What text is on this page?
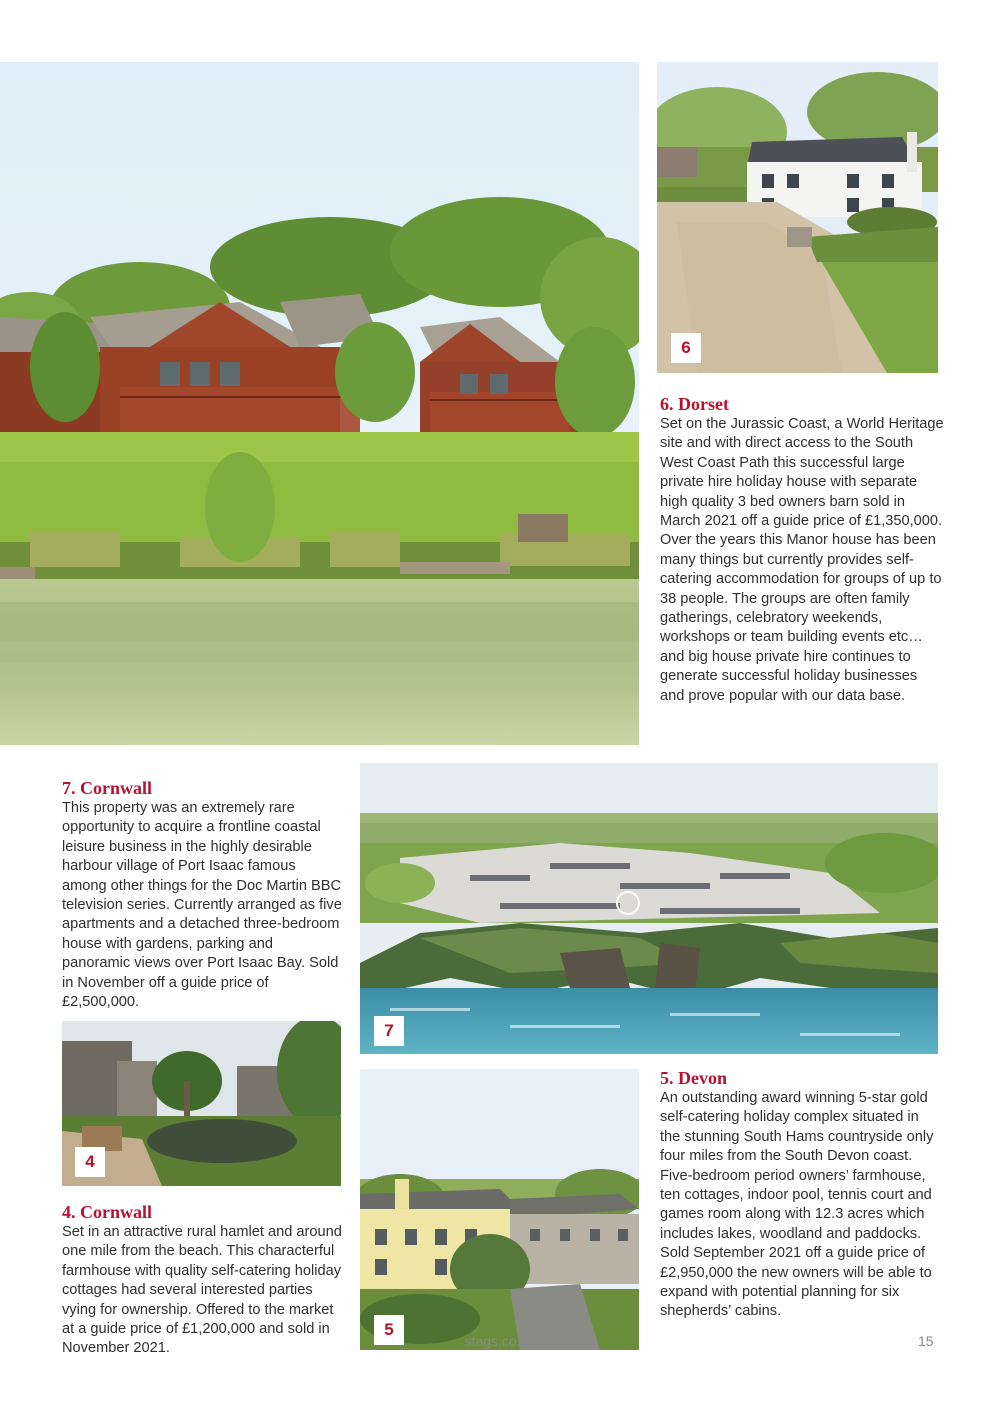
6
6. Dorset

Set on the Jurassic Coast, a World Heritage site and with direct access to the South West Coast Path this successful large private hire holiday house with separate high quality 3 bed owners barn sold in March 2021 off a guide price of £1,350,000. Over the years this Manor house has been many things but currently provides self-catering accommodation for groups of up to 38 people. The groups are often family gatherings, celebratory weekends, workshops or team building events etc… and big house private hire continues to generate successful holiday businesses and prove popular with our data base.

7. Cornwall

This property was an extremely rare opportunity to acquire a frontline coastal leisure business in the highly desirable harbour village of Port Isaac famous among other things for the Doc Martin BBC television series. Currently arranged as five apartments and a detached three-bedroom house with gardens, parking and panoramic views over Port Isaac Bay. Sold in November off a guide price of £2,500,000.

7
4
4. Cornwall

Set in an attractive rural hamlet and around one mile from the beach. This characterful farmhouse with quality self-catering holiday cottages had several interested parties vying for ownership. Offered to the market at a guide price of £1,200,000 and sold in November 2021.

5
5. Devon

An outstanding award winning 5-star gold self-catering holiday complex situated in the stunning South Hams countryside only four miles from the South Devon coast. Five-bedroom period owners’ farmhouse, ten cottages, indoor pool, tennis court and games room along with 12.3 acres which includes lakes, woodland and paddocks. Sold September 2021 off a guide price of £2,950,000 the new owners will be able to expand with potential planning for six shepherds’ cabins.

stags.co.uk	15
